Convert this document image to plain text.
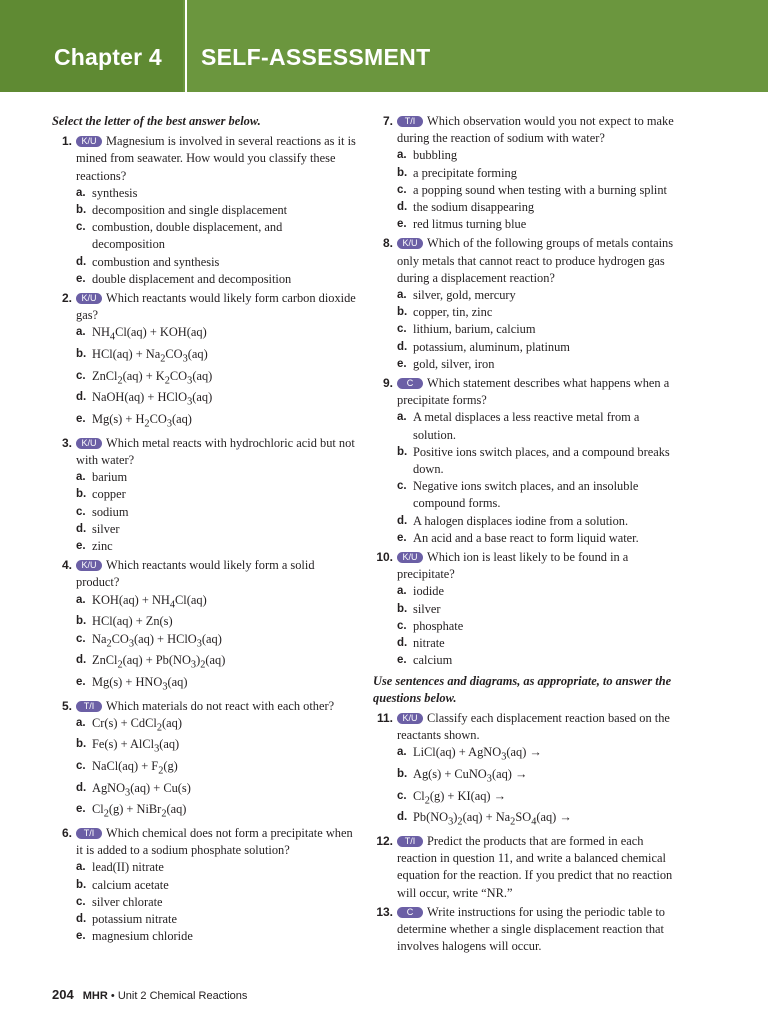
Chapter 4 SELF-ASSESSMENT
Select the letter of the best answer below.
1.	K/U Magnesium is involved in several reactions as it is mined from seawater. How would you classify these reactions?
a. synthesis
b. decomposition and single displacement
c. combustion, double displacement, and decomposition
d. combustion and synthesis
e. double displacement and decomposition
2.	K/U Which reactants would likely form carbon dioxide gas?
a. $NH_4Cl(aq) + KOH(aq)$
b. $HCl(aq) + Na_2CO_3(aq)$
c. ZnCl$_2$(aq) + $K_2CO_3(aq)$
d. NaOH(aq) + HClO$_3$(aq)
e. $Mg(s) + H_2CO_3(aq)$
3.	K/U Which metal reacts with hydrochloric acid but not with water?
a. barium
b. copper
c. sodium
d. silver
e. zinc
4.	K/U Which reactants would likely form a solid product?
a. $KOH(aq) + NH_4Cl(aq)$
b. HCl(aq) + Zn(s)
c. $Na_2CO_3(aq)$ + HClO$_3$(aq)
d. ZnCl$_2$(aq) + $Pb(NO_3)_2(aq)$
e. $Mg(s) + HNO_3(aq)$
5.	T/I Which materials do not react with each other?
a. Cr(s) + CdCl$_2$(aq)
b. Fe(s) + AlCl$_3$(aq)
c. NaCl(aq) + $F_2(g)$
d. AgNO$_3$(aq) + Cu(s)
e. $Cl_2(g)$ + NiBr$_2$(aq)
6.	T/I Which chemical does not form a precipitate when it is added to a sodium phosphate solution?
a. lead(II) nitrate
b. calcium acetate
c. silver chlorate
d. potassium nitrate
e. magnesium chloride
7.	T/I Which observation would you not expect to make during the reaction of sodium with water?
a. bubbling
b. a precipitate forming
c. a popping sound when testing with a burning splint
d. the sodium disappearing
e. red litmus turning blue
8.	K/U Which of the following groups of metals contains only metals that cannot react to produce hydrogen gas during a displacement reaction?
a. silver, gold, mercury
b. copper, tin, zinc
c. lithium, barium, calcium
d. potassium, aluminum, platinum
e. gold, silver, iron
9.	C Which statement describes what happens when a precipitate forms?
a. A metal displaces a less reactive metal from a solution.
b. Positive ions switch places, and a compound breaks down.
c. Negative ions switch places, and an insoluble compound forms.
d. A halogen displaces iodine from a solution.
e. An acid and a base react to form liquid water.
10.	K/U Which ion is least likely to be found in a precipitate?
a. iodide
b. silver
c. phosphate
d. nitrate
e. calcium
Use sentences and diagrams, as appropriate, to answer the questions below.
11.	K/U Classify each displacement reaction based on the reactants shown.
a. LiCl(aq) + AgNO$_3$(aq) →
b. Ag(s) + CuNO$_3$(aq) →
c. $Cl_2(g) + KI(aq)$ →
d. $Pb(NO_3)_2(aq) + Na_2SO_4(aq)$ →
12.	T/I Predict the products that are formed in each reaction in question 11, and write a balanced chemical equation for the reaction. If you predict that no reaction will occur, write “NR.”
13.	C Write instructions for using the periodic table to determine whether a single displacement reaction that involves halogens will occur.
204 MHR • Unit 2 Chemical Reactions
